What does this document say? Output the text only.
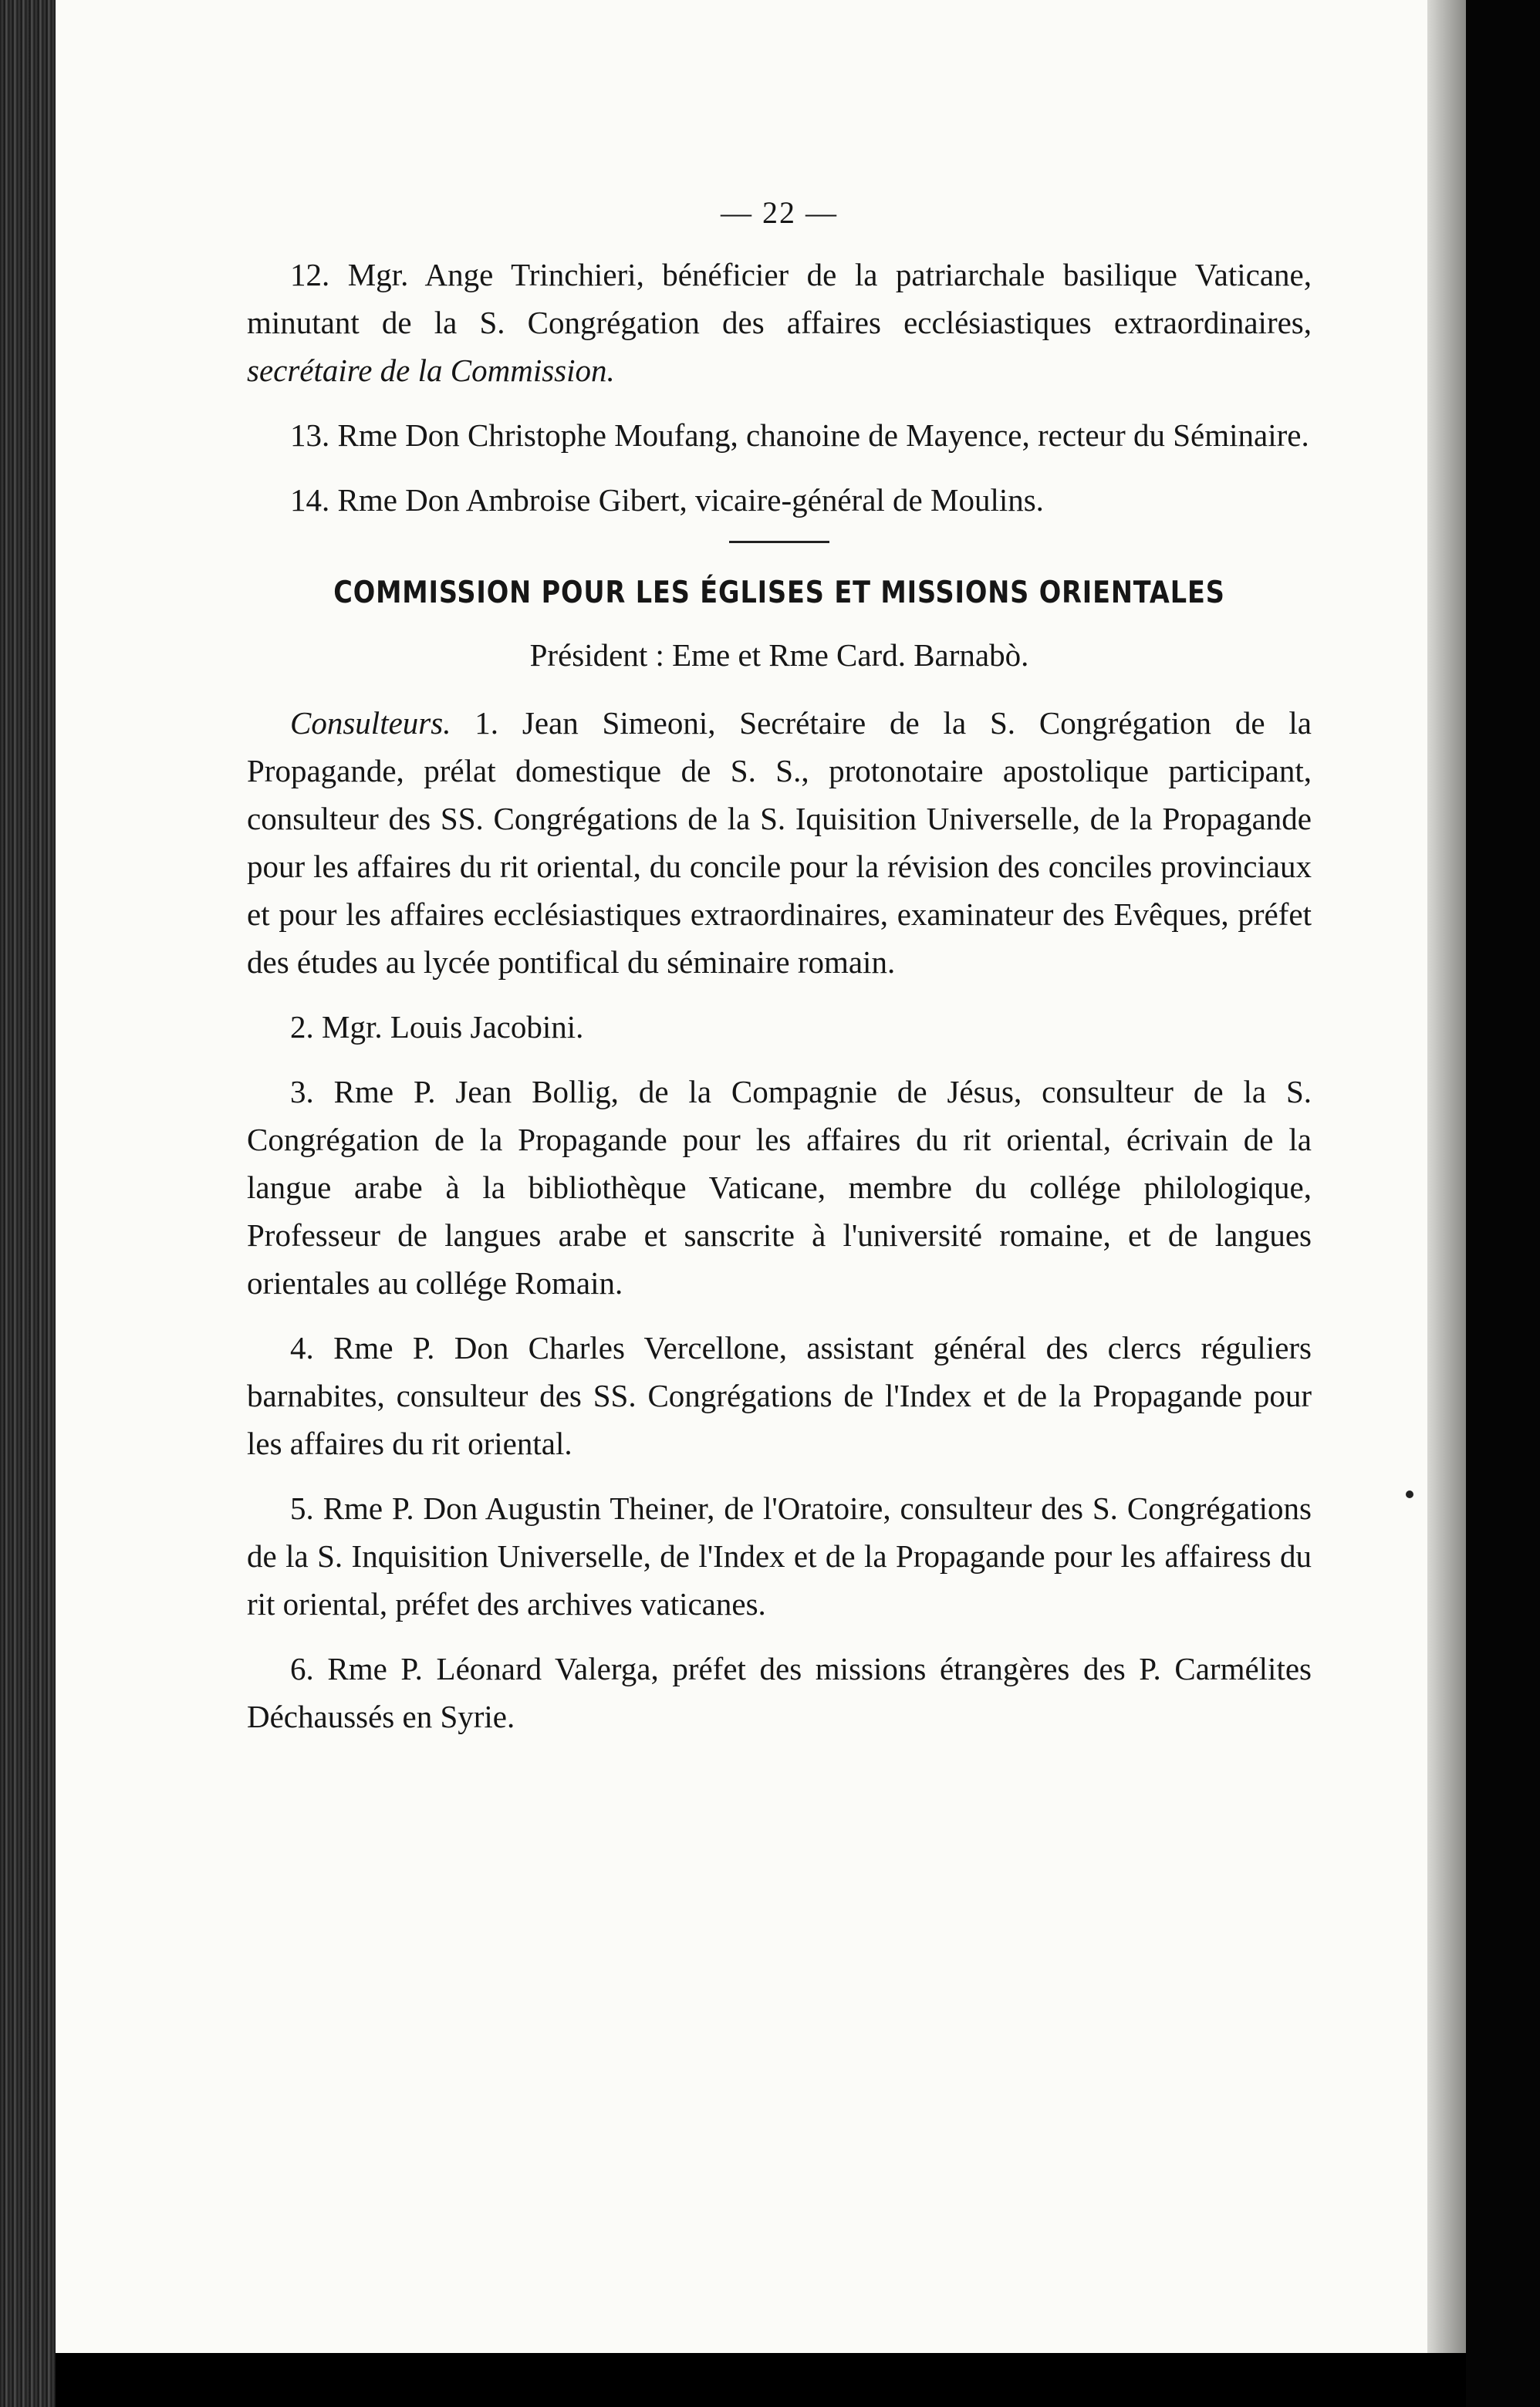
— 22 —

12. Mgr. Ange Trinchieri, bénéficier de la patriarchale basilique Vaticane, minutant de la S. Congrégation des affaires ecclésiastiques extraordinaires, secrétaire de la Commission.

13. Rme Don Christophe Moufang, chanoine de Mayence, recteur du Séminaire.

14. Rme Don Ambroise Gibert, vicaire-général de Moulins.

COMMISSION POUR LES ÉGLISES ET MISSIONS ORIENTALES
Président : Eme et Rme Card. Barnabò.

Consulteurs. 1. Jean Simeoni, Secrétaire de la S. Congrégation de la Propagande, prélat domestique de S. S., protonotaire apostolique participant, consulteur des SS. Congrégations de la S. Iquisition Universelle, de la Propagande pour les affaires du rit oriental, du concile pour la révision des conciles provinciaux et pour les affaires ecclésiastiques extraordinaires, examinateur des Evêques, préfet des études au lycée pontifical du séminaire romain.

2. Mgr. Louis Jacobini.

3. Rme P. Jean Bollig, de la Compagnie de Jésus, consulteur de la S. Congrégation de la Propagande pour les affaires du rit oriental, écrivain de la langue arabe à la bibliothèque Vaticane, membre du collége philologique, Professeur de langues arabe et sanscrite à l'université romaine, et de langues orientales au collége Romain.

4. Rme P. Don Charles Vercellone, assistant général des clercs réguliers barnabites, consulteur des SS. Congrégations de l'Index et de la Propagande pour les affaires du rit oriental.

5. Rme P. Don Augustin Theiner, de l'Oratoire, consulteur des S. Congrégations de la S. Inquisition Universelle, de l'Index et de la Propagande pour les affairess du rit oriental, préfet des archives vaticanes.

6. Rme P. Léonard Valerga, préfet des missions étrangères des P. Carmélites Déchaussés en Syrie.
